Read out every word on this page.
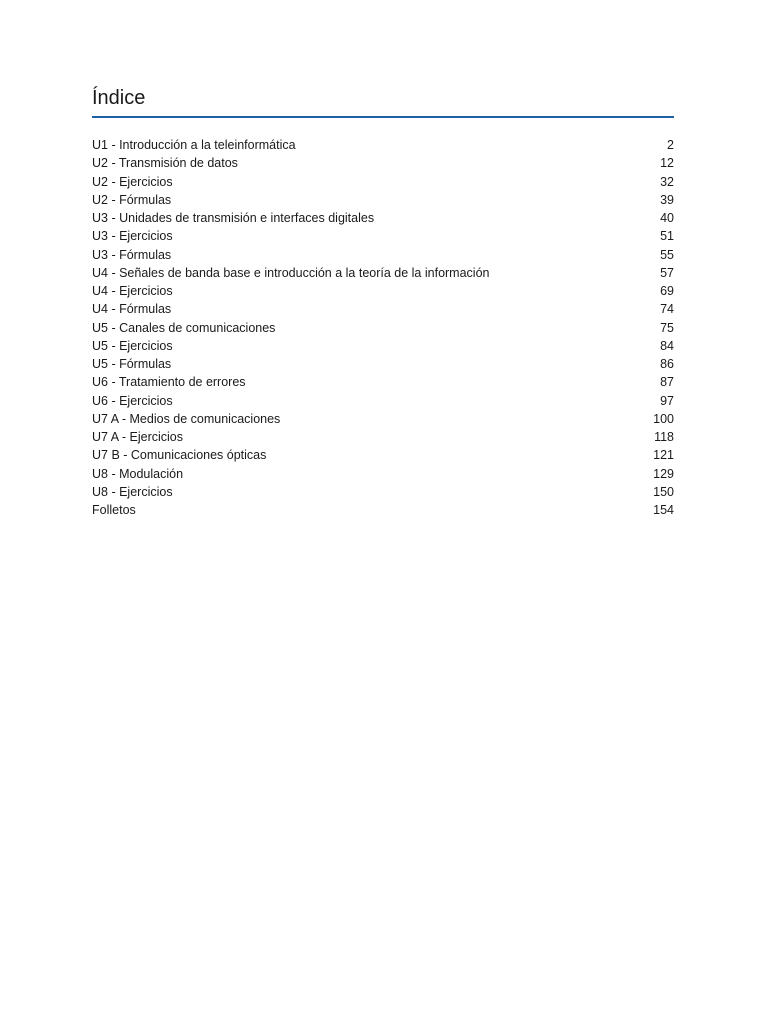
Índice
U1 - Introducción a la teleinformática	2
U2 - Transmisión de datos	12
U2 - Ejercicios	32
U2 - Fórmulas	39
U3 - Unidades de transmisión e interfaces digitales	40
U3 - Ejercicios	51
U3 - Fórmulas	55
U4 - Señales de banda base e introducción a la teoría de la información	57
U4 - Ejercicios	69
U4 - Fórmulas	74
U5 - Canales de comunicaciones	75
U5 - Ejercicios	84
U5 - Fórmulas	86
U6 - Tratamiento de errores	87
U6 - Ejercicios	97
U7 A - Medios de comunicaciones	100
U7 A - Ejercicios	118
U7 B - Comunicaciones ópticas	121
U8 - Modulación	129
U8 - Ejercicios	150
Folletos	154
